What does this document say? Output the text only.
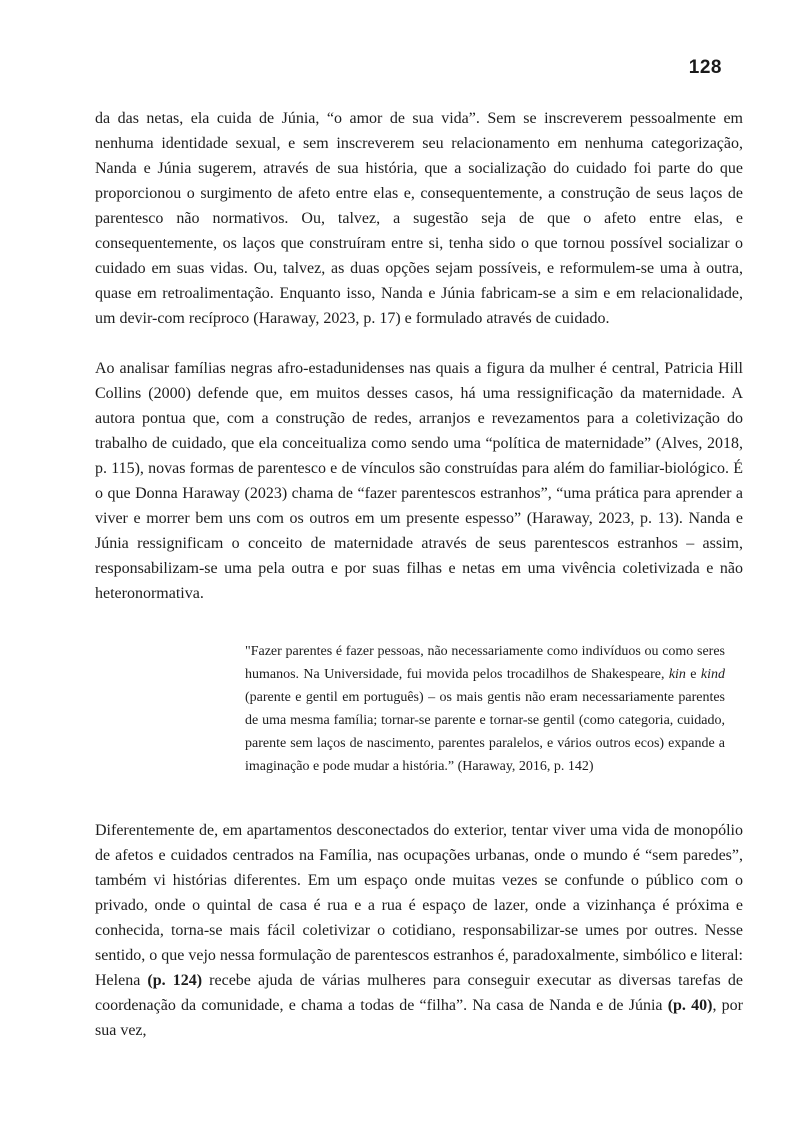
128

da das netas, ela cuida de Júnia, “o amor de sua vida”. Sem se inscreverem pessoalmente em nenhuma identidade sexual, e sem inscreverem seu relacionamento em nenhuma categorização, Nanda e Júnia sugerem, através de sua história, que a socialização do cuidado foi parte do que proporcionou o surgimento de afeto entre elas e, consequentemente, a construção de seus laços de parentesco não normativos. Ou, talvez, a sugestão seja de que o afeto entre elas, e consequentemente, os laços que construíram entre si, tenha sido o que tornou possível socializar o cuidado em suas vidas. Ou, talvez, as duas opções sejam possíveis, e reformulem-se uma à outra, quase em retroalimentação. Enquanto isso, Nanda e Júnia fabricam-se a sim e em relacionalidade, um devir-com recíproco (Haraway, 2023, p. 17) e formulado através de cuidado.

Ao analisar famílias negras afro-estadunidenses nas quais a figura da mulher é central, Patricia Hill Collins (2000) defende que, em muitos desses casos, há uma ressignificação da maternidade. A autora pontua que, com a construção de redes, arranjos e revezamentos para a coletivização do trabalho de cuidado, que ela conceitualiza como sendo uma “política de maternidade” (Alves, 2018, p. 115), novas formas de parentesco e de vínculos são construídas para além do familiar-biológico. É o que Donna Haraway (2023) chama de “fazer parentescos estranhos”, “uma prática para aprender a viver e morrer bem uns com os outros em um presente espesso” (Haraway, 2023, p. 13). Nanda e Júnia ressignificam o conceito de maternidade através de seus parentescos estranhos – assim, responsabilizam-se uma pela outra e por suas filhas e netas em uma vivência coletivizada e não heteronormativa.

"Fazer parentes é fazer pessoas, não necessariamente como indivíduos ou como seres humanos. Na Universidade, fui movida pelos trocadilhos de Shakespeare, kin e kind (parente e gentil em português) – os mais gentis não eram necessariamente parentes de uma mesma família; tornar-se parente e tornar-se gentil (como categoria, cuidado, parente sem laços de nascimento, parentes paralelos, e vários outros ecos) expande a imaginação e pode mudar a história.” (Haraway, 2016, p. 142)

Diferentemente de, em apartamentos desconectados do exterior, tentar viver uma vida de monopólio de afetos e cuidados centrados na Família, nas ocupações urbanas, onde o mundo é “sem paredes”, também vi histórias diferentes. Em um espaço onde muitas vezes se confunde o público com o privado, onde o quintal de casa é rua e a rua é espaço de lazer, onde a vizinhança é próxima e conhecida, torna-se mais fácil coletivizar o cotidiano, responsabilizar-se umes por outres. Nesse sentido, o que vejo nessa formulação de parentescos estranhos é, paradoxalmente, simbólico e literal: Helena (p. 124) recebe ajuda de várias mulheres para conseguir executar as diversas tarefas de coordenação da comunidade, e chama a todas de “filha”. Na casa de Nanda e de Júnia (p. 40), por sua vez,
